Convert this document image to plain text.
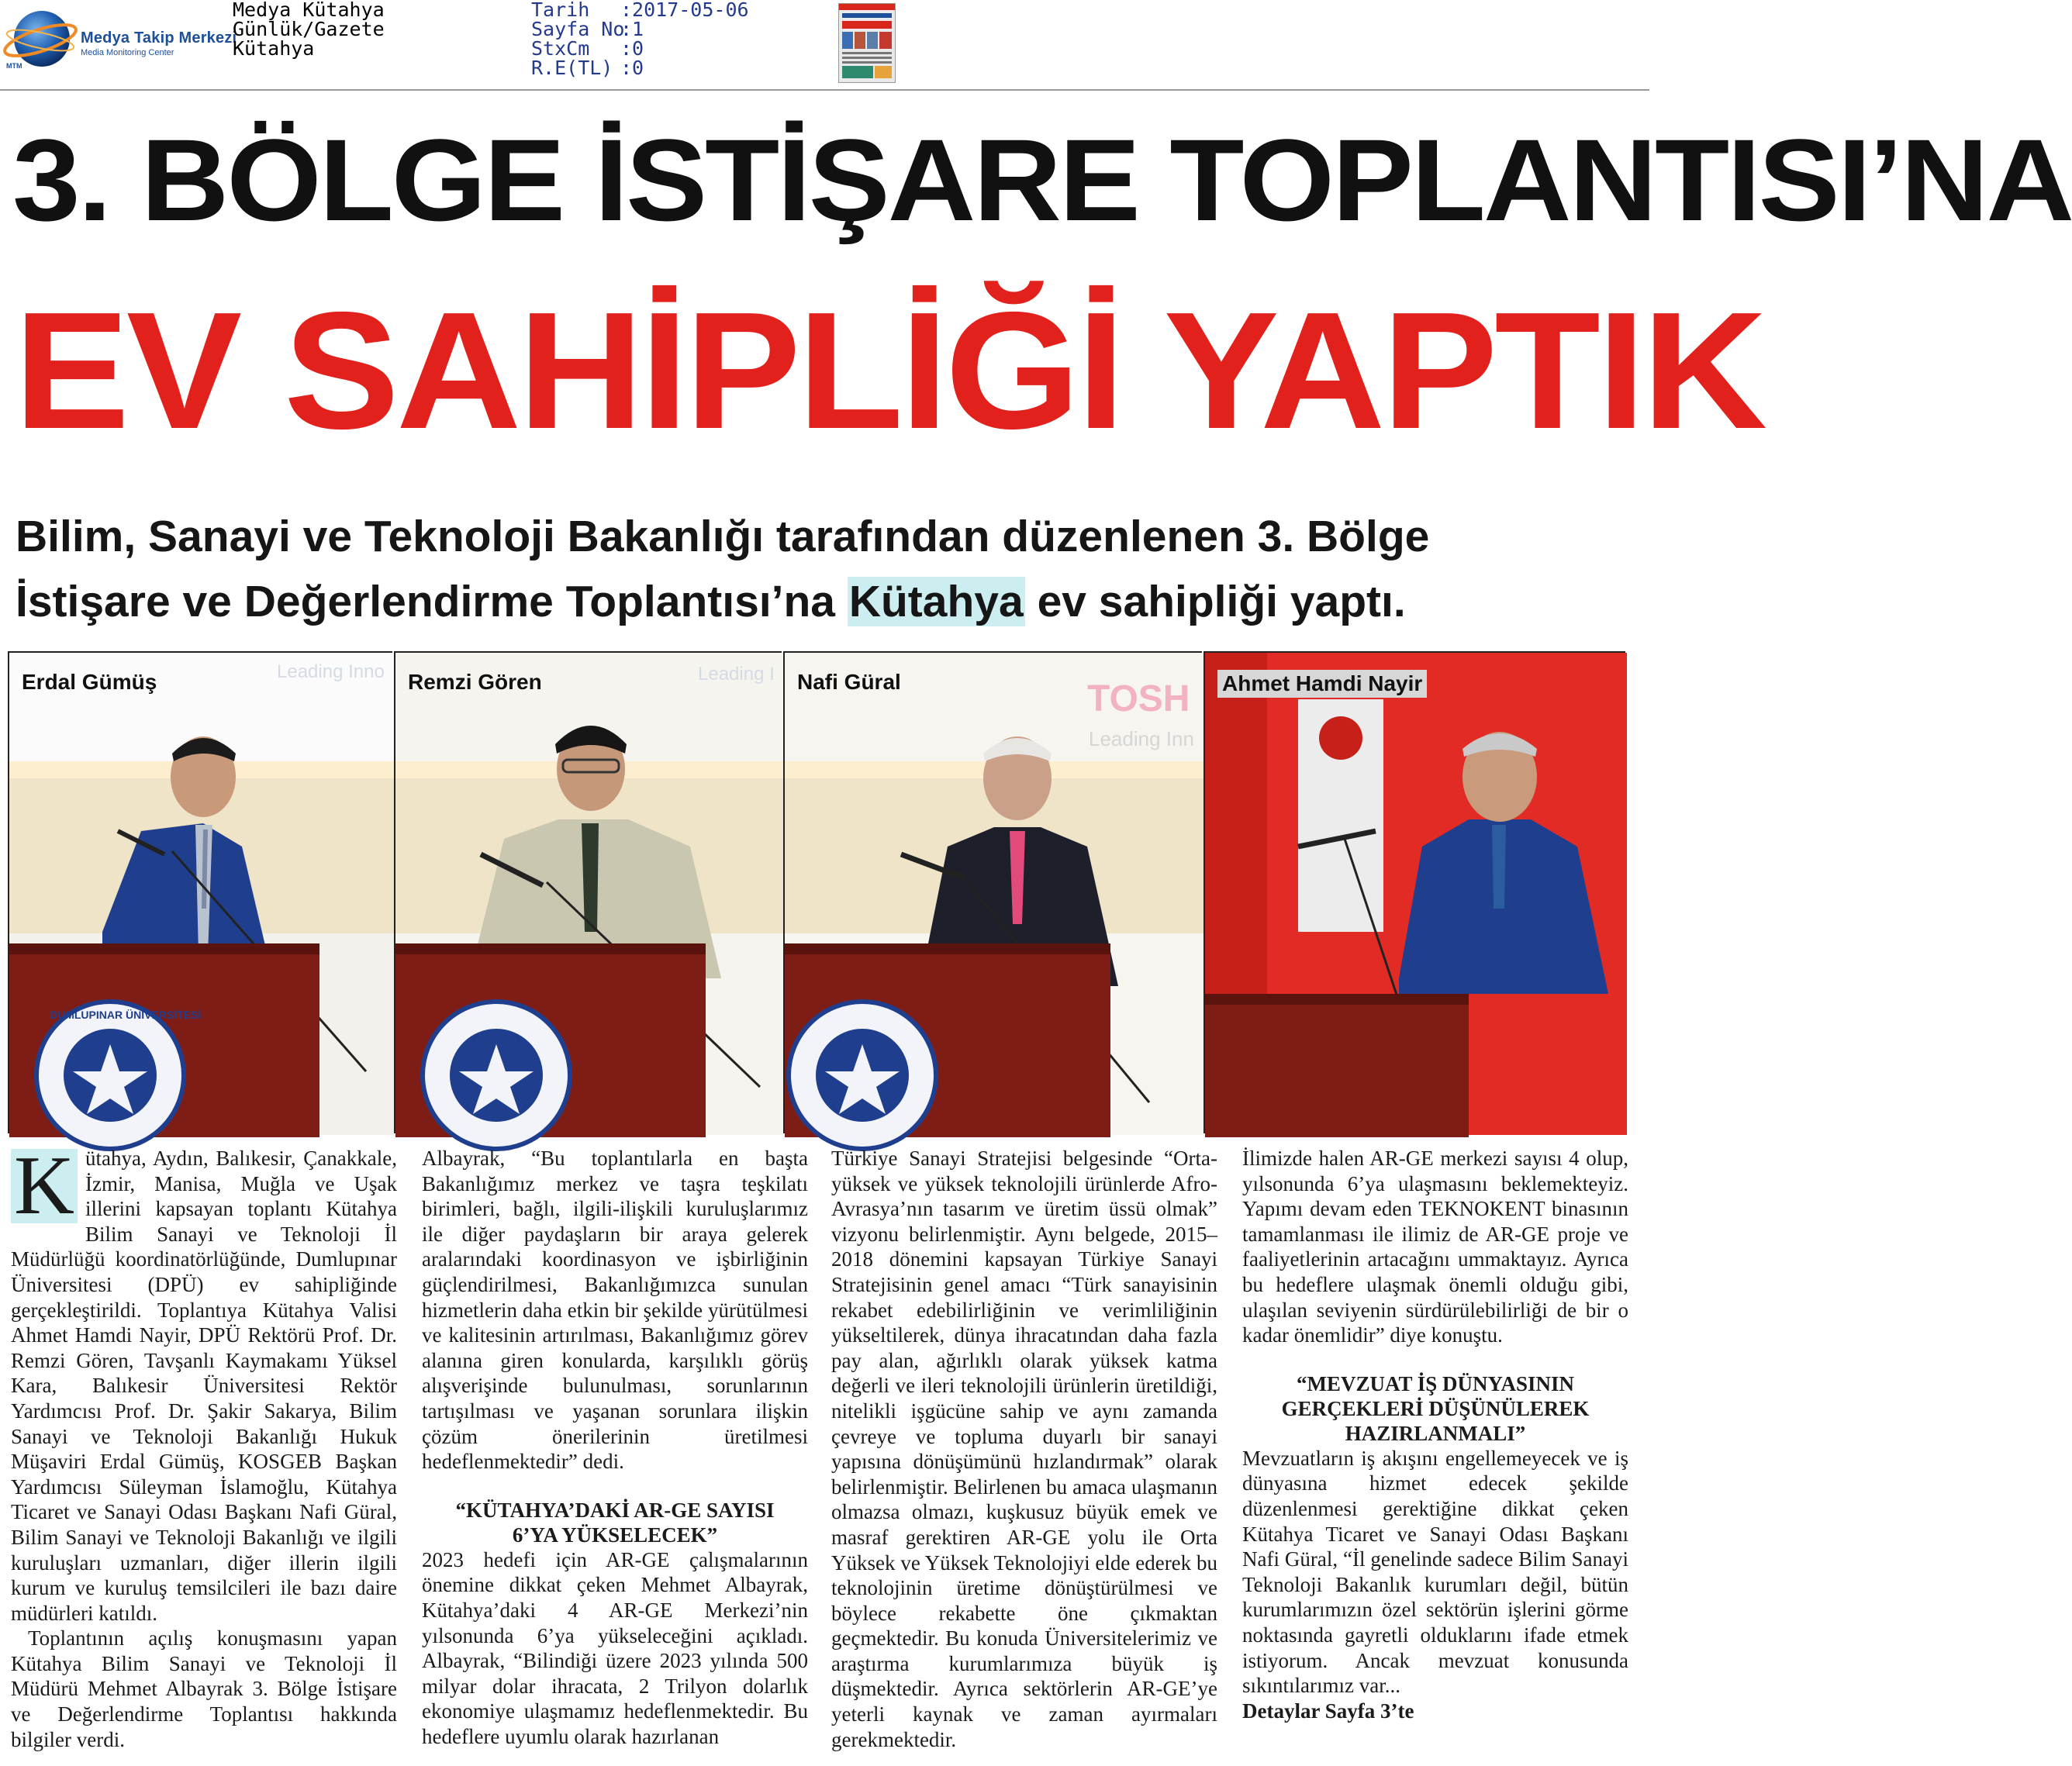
MTM
Medya Takip Merkezi
Media Monitoring Center
Medya Kütahya
Günlük/Gazete
Kütahya
Tarih	:2017-05-06
Sayfa No
:1
StxCm	:0
R.E(TL) :0
3. BÖLGE İSTİŞARE TOPLANTISI’NA
EV SAHİPLİĞİ YAPTIK
Bilim, Sanayi ve Teknoloji Bakanlığı tarafından düzenlenen 3. Bölge
İstişare ve Değerlendirme Toplantısı’na Kütahya ev sahipliği yaptı.
Leading Inno
DUMLUPINAR ÜNİVERSİTESİ
Erdal Gümüş	Leading I
Remzi Gören	TOSH
Leading Inn
Nafi Güral	Ahmet Hamdi Nayir
K ütahya, Aydın, Balıkesir, Çanakkale, İzmir, Manisa, Muğla ve Uşak illerini kapsayan toplantı Kütahya Bilim Sanayi ve Teknoloji İl Müdürlüğü koordinatörlüğünde, Dumlupınar Üniversitesi (DPÜ) ev sahipliğinde gerçekleştirildi. Toplantıya Kütahya Valisi Ahmet Hamdi Nayir, DPÜ Rektörü Prof. Dr. Remzi Gören, Tavşanlı Kaymakamı Yüksel Kara, Balıkesir Üniversitesi Rektör Yardımcısı Prof. Dr. Şakir Sakarya, Bilim Sanayi ve Teknoloji Bakanlığı Hukuk Müşaviri Erdal Gümüş, KOSGEB Başkan Yardımcısı Süleyman İslamoğlu, Kütahya Ticaret ve Sanayi Odası Başkanı Nafi Güral, Bilim Sanayi ve Teknoloji Bakanlığı ve ilgili kuruluşları uzmanları, diğer illerin ilgili kurum ve kuruluş temsilcileri ile bazı daire müdürleri katıldı.

Toplantının açılış konuşmasını yapan Kütahya Bilim Sanayi ve Teknoloji İl Müdürü Mehmet Albayrak 3. Bölge İstişare ve Değerlendirme Toplantısı hakkında bilgiler verdi.

Albayrak, “Bu toplantılarla en başta Bakanlığımız merkez ve taşra teşkilatı birimleri, bağlı, ilgili-ilişkili kuruluşlarımız ile diğer paydaşların bir araya gelerek aralarındaki koordinasyon ve işbirliğinin güçlendirilmesi, Bakanlığımızca sunulan hizmetlerin daha etkin bir şekilde yürütülmesi ve kalitesinin artırılması, Bakanlığımız görev alanına giren konularda, karşılıklı görüş alışverişinde bulunulması, sorunlarının tartışılması ve yaşanan sorunlara ilişkin çözüm önerilerinin üretilmesi hedeflenmektedir” dedi.

“KÜTAHYA’DAKİ AR-GE SAYISI
6’YA YÜKSELECEK”

2023 hedefi için AR-GE çalışmalarının önemine dikkat çeken Mehmet Albayrak, Kütahya’daki 4 AR-GE Merkezi’nin yılsonunda 6’ya yükseleceğini açıkladı. Albayrak, “Bilindiği üzere 2023 yılında 500 milyar dolar ihracata, 2 Trilyon dolarlık ekonomiye ulaşmamız hedeflenmektedir. Bu hedeflere uyumlu olarak hazırlanan

Türkiye Sanayi Stratejisi belgesinde “Orta-yüksek ve yüksek teknolojili ürünlerde Afro-Avrasya’nın tasarım ve üretim üssü olmak” vizyonu belirlenmiştir. Aynı belgede, 2015–2018 dönemini kapsayan Türkiye Sanayi Stratejisinin genel amacı “Türk sanayisinin rekabet edebilirliğinin ve verimliliğinin yükseltilerek, dünya ihracatından daha fazla pay alan, ağırlıklı olarak yüksek katma değerli ve ileri teknolojili ürünlerin üretildiği, nitelikli işgücüne sahip ve aynı zamanda çevreye ve topluma duyarlı bir sanayi yapısına dönüşümünü hızlandırmak” olarak belirlenmiştir. Belirlenen bu amaca ulaşmanın olmazsa olmazı, kuşkusuz büyük emek ve masraf gerektiren AR-GE yolu ile Orta Yüksek ve Yüksek Teknolojiyi elde ederek bu teknolojinin üretime dönüştürülmesi ve böylece rekabette öne çıkmaktan geçmektedir. Bu konuda Üniversitelerimiz ve araştırma kurumlarımıza büyük iş düşmektedir. Ayrıca sektörlerin AR-GE’ye yeterli kaynak ve zaman ayırmaları gerekmektedir.

İlimizde halen AR-GE merkezi sayısı 4 olup, yılsonunda 6’ya ulaşmasını beklemekteyiz. Yapımı devam eden TEKNOKENT binasının tamamlanması ile ilimiz de AR-GE proje ve faaliyetlerinin artacağını ummaktayız. Ayrıca bu hedeflere ulaşmak önemli olduğu gibi, ulaşılan seviyenin sürdürülebilirliği de bir o kadar önemlidir” diye konuştu.

“MEVZUAT İŞ DÜNYASININ
GERÇEKLERİ DÜŞÜNÜLEREK
HAZIRLANMALI”

Mevzuatların iş akışını engellemeyecek ve iş dünyasına hizmet edecek şekilde düzenlenmesi gerektiğine dikkat çeken Kütahya Ticaret ve Sanayi Odası Başkanı Nafi Güral, “İl genelinde sadece Bilim Sanayi Teknoloji Bakanlık kurumları değil, bütün kurumlarımızın özel sektörün işlerini görme noktasında gayretli olduklarını ifade etmek istiyorum. Ancak mevzuat konusunda sıkıntılarımız var...

Detaylar Sayfa 3’te
